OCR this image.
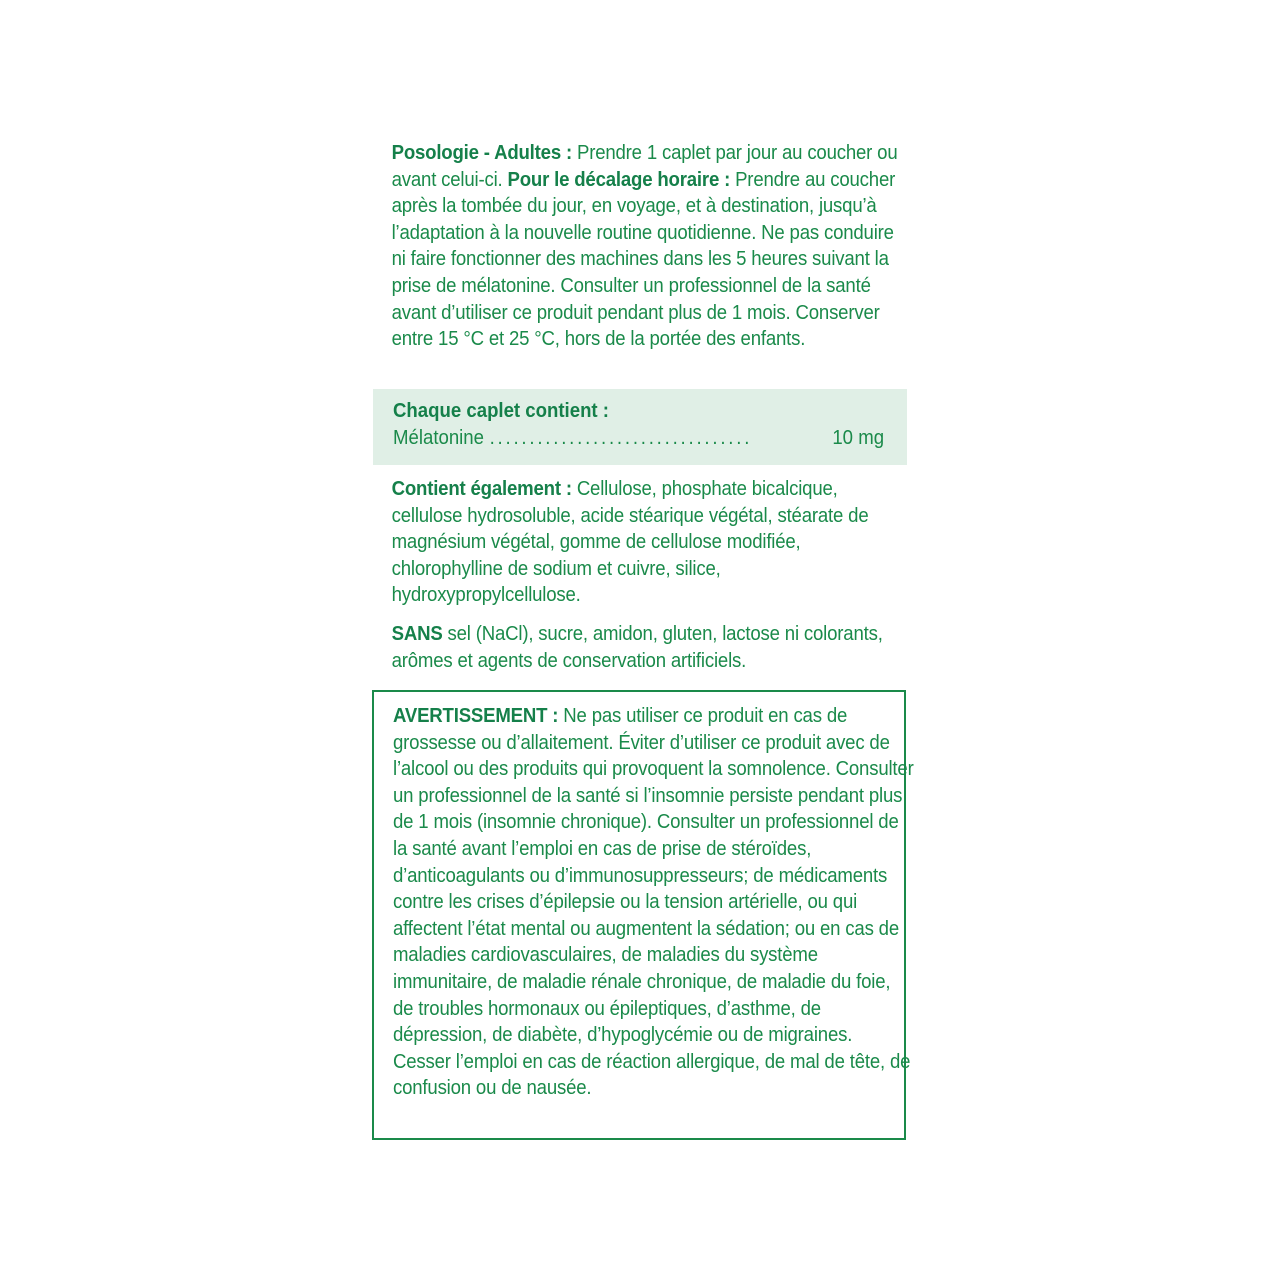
Posologie - Adultes : Prendre 1 caplet par jour au coucher ou avant celui-ci. Pour le décalage horaire : Prendre au coucher après la tombée du jour, en voyage, et à destination, jusqu’à l’adaptation à la nouvelle routine quotidienne. Ne pas conduire ni faire fonctionner des machines dans les 5 heures suivant la prise de mélatonine. Consulter un professionnel de la santé avant d’utiliser ce produit pendant plus de 1 mois. Conserver entre 15 °C et 25 °C, hors de la portée des enfants.

Chaque caplet contient :
Mélatonine .................................	10 mg

Contient également : Cellulose, phosphate bicalcique, cellulose hydrosoluble, acide stéarique végétal, stéarate de magnésium végétal, gomme de cellulose modifiée, chlorophylline de sodium et cuivre, silice, hydroxypropylcellulose.

SANS sel (NaCl), sucre, amidon, gluten, lactose ni colorants, arômes et agents de conservation artificiels.

AVERTISSEMENT : Ne pas utiliser ce produit en cas de grossesse ou d’allaitement. Éviter d’utiliser ce produit avec de l’alcool ou des produits qui provoquent la somnolence. Consulter un professionnel de la santé si l’insomnie persiste pendant plus de 1 mois (insomnie chronique). Consulter un professionnel de la santé avant l’emploi en cas de prise de stéroïdes, d’anticoagulants ou d’immunosuppresseurs; de médicaments contre les crises d’épilepsie ou la tension artérielle, ou qui affectent l’état mental ou augmentent la sédation; ou en cas de maladies cardiovasculaires, de maladies du système immunitaire, de maladie rénale chronique, de maladie du foie, de troubles hormonaux ou épileptiques, d’asthme, de dépression, de diabète, d’hypoglycémie ou de migraines. Cesser l’emploi en cas de réaction allergique, de mal de tête, de confusion ou de nausée.
